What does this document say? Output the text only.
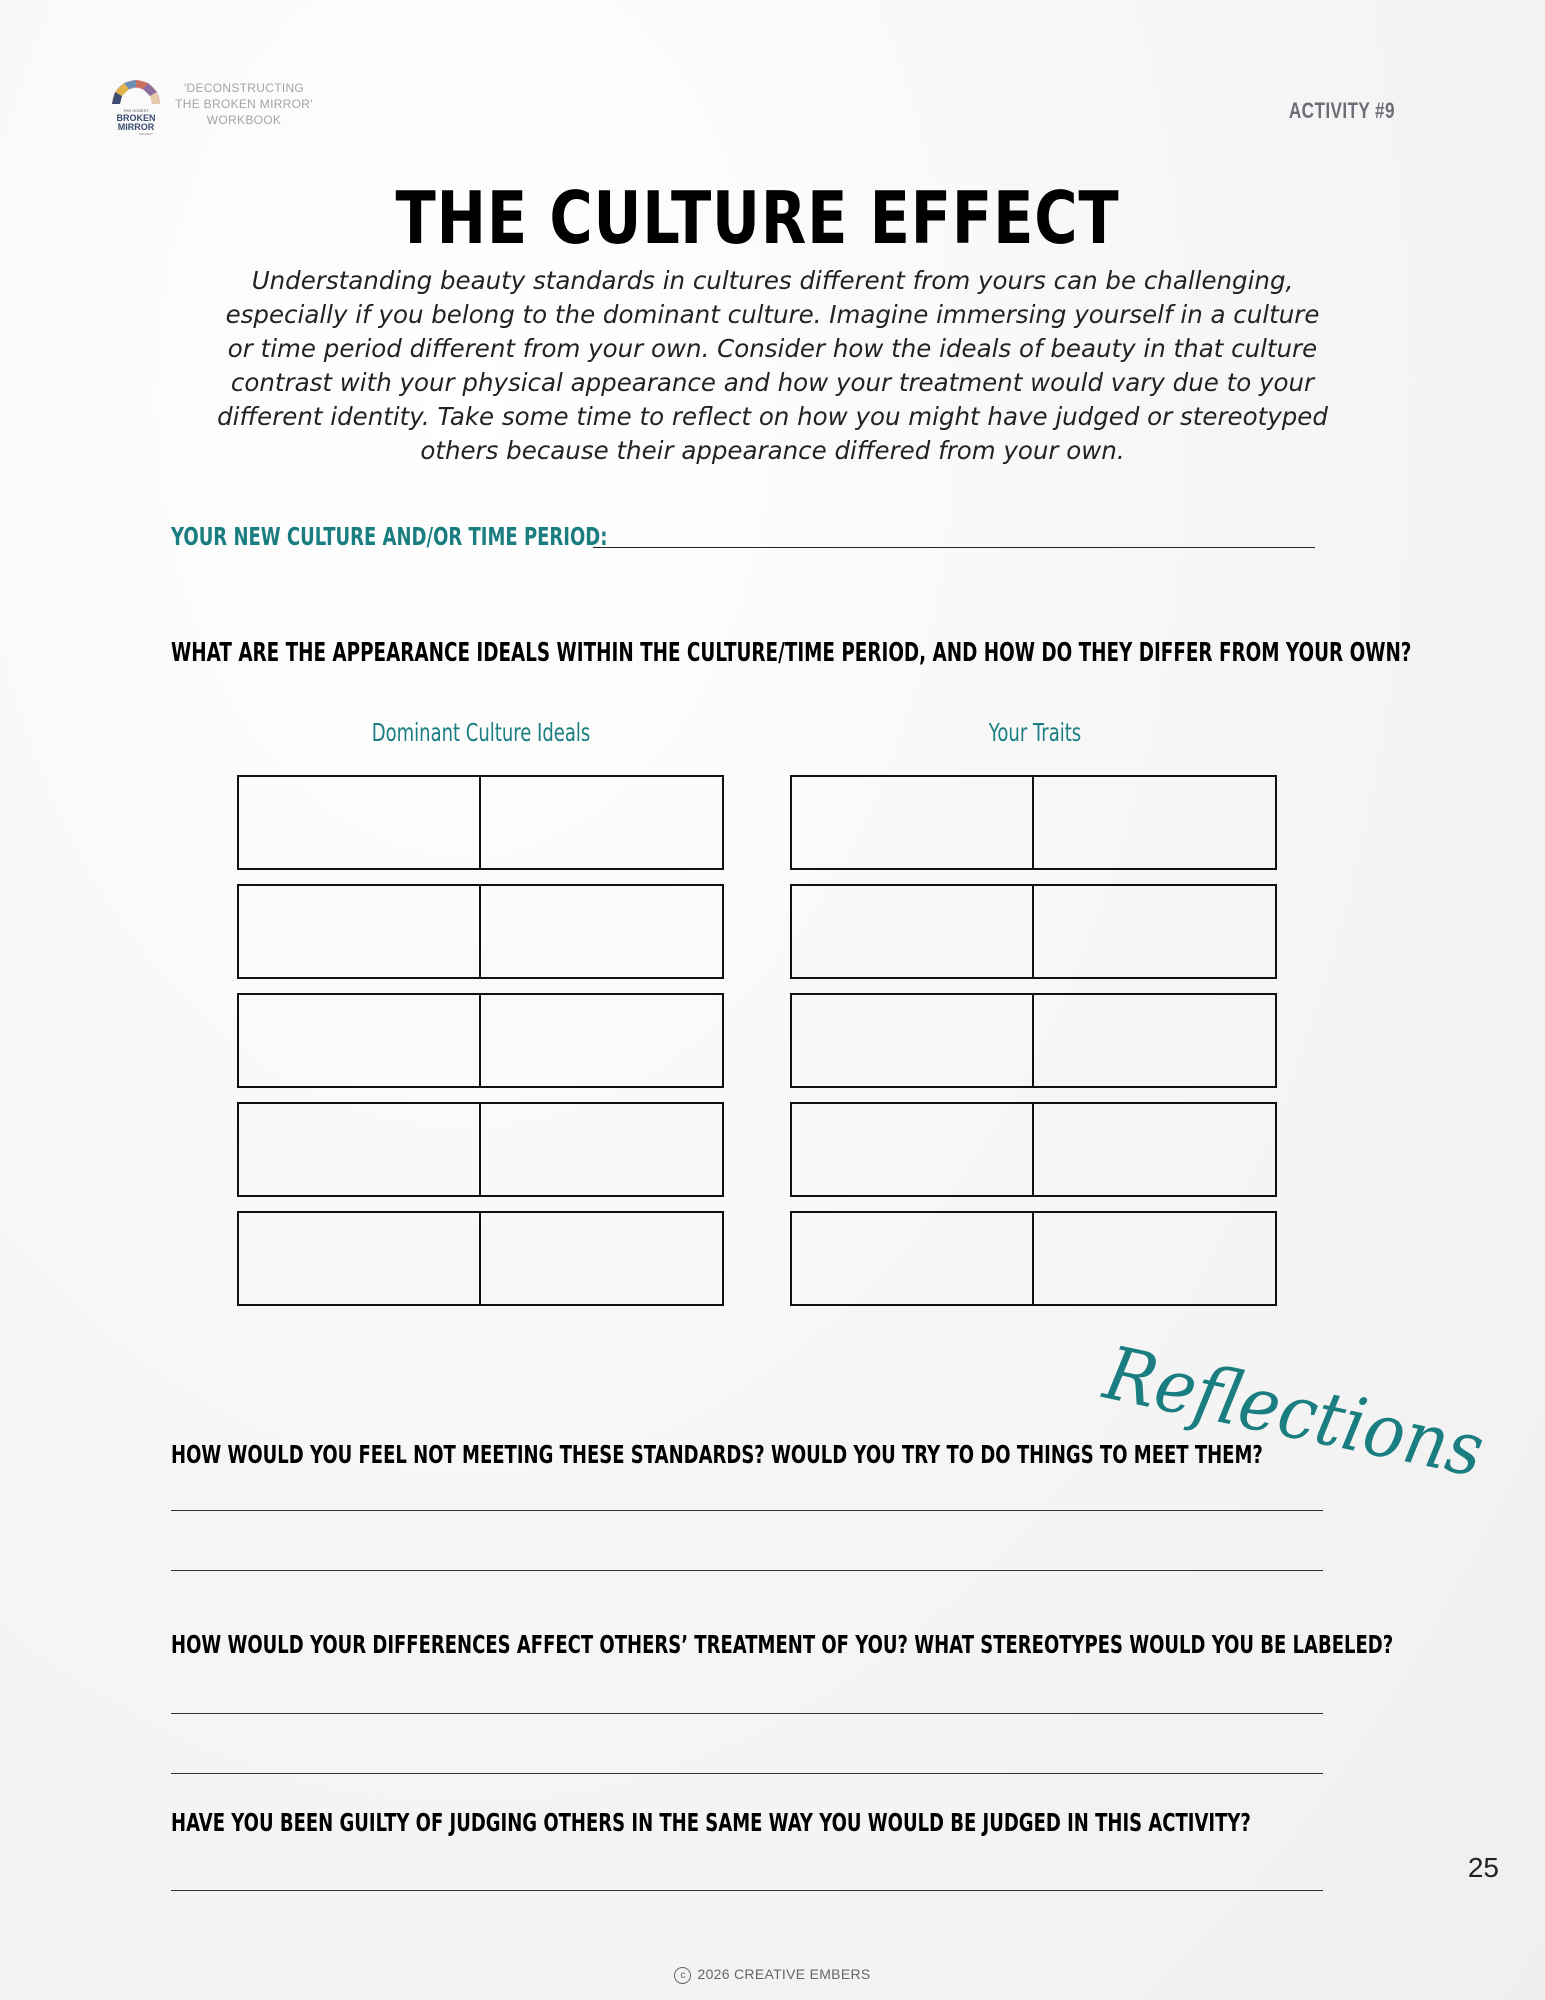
THE HONEST
BROKEN
MIRROR
PROJECT
'DECONSTRUCTING
THE BROKEN MIRROR'
WORKBOOK	ACTIVITY #9
THE CULTURE EFFECT
Understanding beauty standards in cultures different from yours can be challenging,
especially if you belong to the dominant culture. Imagine immersing yourself in a culture
or time period different from your own. Consider how the ideals of beauty in that culture
contrast with your physical appearance and how your treatment would vary due to your
different identity. Take some time to reflect on how you might have judged or stereotyped
others because their appearance differed from your own.
YOUR NEW CULTURE AND/OR TIME PERIOD:
WHAT ARE THE APPEARANCE IDEALS WITHIN THE CULTURE/TIME PERIOD, AND HOW DO THEY DIFFER FROM YOUR OWN?
Dominant Culture Ideals	Your Traits
Reflections
HOW WOULD YOU FEEL NOT MEETING THESE STANDARDS? WOULD YOU TRY TO DO THINGS TO MEET THEM?
HOW WOULD YOUR DIFFERENCES AFFECT OTHERS’ TREATMENT OF YOU? WHAT STEREOTYPES WOULD YOU BE LABELED?
HAVE YOU BEEN GUILTY OF JUDGING OTHERS IN THE SAME WAY YOU WOULD BE JUDGED IN THIS ACTIVITY?
25
c 2026 CREATIVE EMBERS
